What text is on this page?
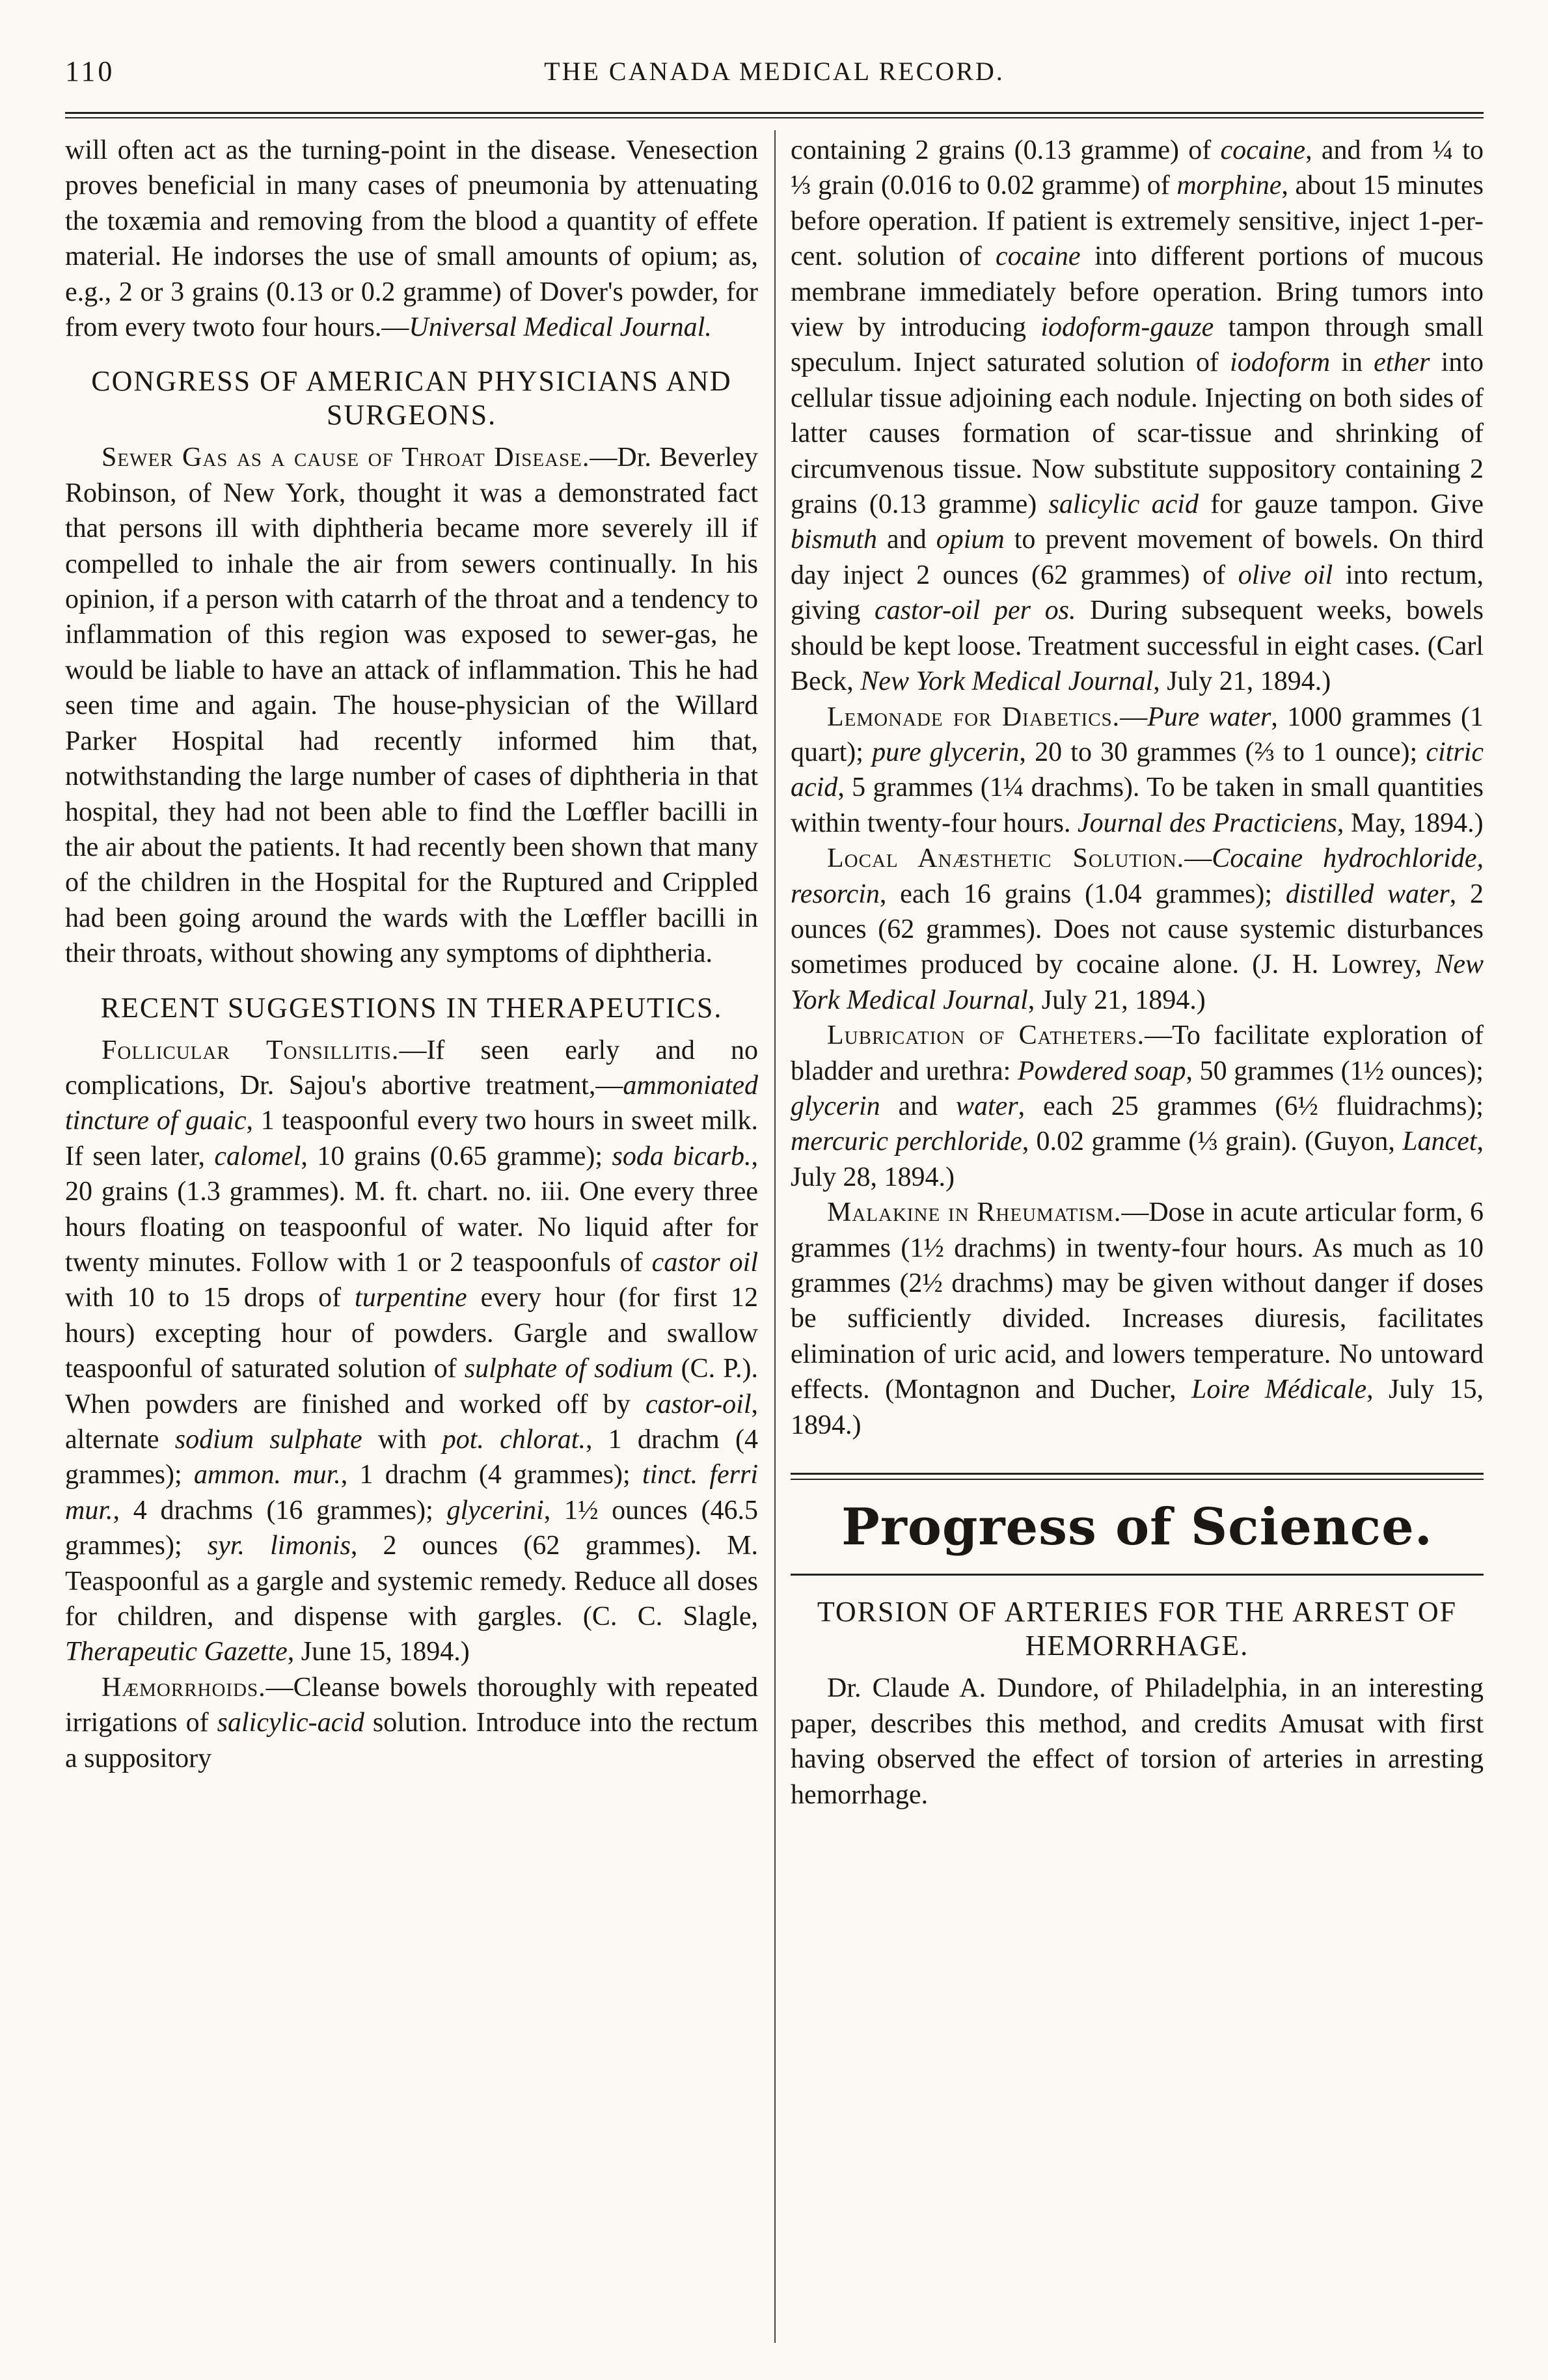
110	THE CANADA MEDICAL RECORD.

will often act as the turning-point in the disease. Venesection proves beneficial in many cases of pneumonia by attenuating the toxæmia and removing from the blood a quantity of effete material. He indorses the use of small amounts of opium; as, e.g., 2 or 3 grains (0.13 or 0.2 gramme) of Dover's powder, for from every twoto four hours.—Universal Medical Journal.

CONGRESS OF AMERICAN PHYSICIANS AND SURGEONS.

Sewer Gas as a cause of Throat Disease.—Dr. Beverley Robinson, of New York, thought it was a demonstrated fact that persons ill with diphtheria became more severely ill if compelled to inhale the air from sewers continually. In his opinion, if a person with catarrh of the throat and a tendency to inflammation of this region was exposed to sewer-gas, he would be liable to have an attack of inflammation. This he had seen time and again. The house-physician of the Willard Parker Hospital had recently informed him that, notwithstanding the large number of cases of diphtheria in that hospital, they had not been able to find the Lœffler bacilli in the air about the patients. It had recently been shown that many of the children in the Hospital for the Ruptured and Crippled had been going around the wards with the Lœffler bacilli in their throats, without showing any symptoms of diphtheria.

RECENT SUGGESTIONS IN THERAPEUTICS.

Follicular Tonsillitis.—If seen early and no complications, Dr. Sajou's abortive treatment,—ammoniated tincture of guaic, 1 teaspoonful every two hours in sweet milk. If seen later, calomel, 10 grains (0.65 gramme); soda bicarb., 20 grains (1.3 grammes). M. ft. chart. no. iii. One every three hours floating on teaspoonful of water. No liquid after for twenty minutes. Follow with 1 or 2 teaspoonfuls of castor oil with 10 to 15 drops of turpentine every hour (for first 12 hours) excepting hour of powders. Gargle and swallow teaspoonful of saturated solution of sulphate of sodium (C. P.). When powders are finished and worked off by castor-oil, alternate sodium sulphate with pot. chlorat., 1 drachm (4 grammes); ammon. mur., 1 drachm (4 grammes); tinct. ferri mur., 4 drachms (16 grammes); glycerini, 1½ ounces (46.5 grammes); syr. limonis, 2 ounces (62 grammes). M. Teaspoonful as a gargle and systemic remedy. Reduce all doses for children, and dispense with gargles. (C. C. Slagle, Therapeutic Gazette, June 15, 1894.)

Hæmorrhoids.—Cleanse bowels thoroughly with repeated irrigations of salicylic-acid solution. Introduce into the rectum a suppository

containing 2 grains (0.13 gramme) of cocaine, and from ¼ to ⅓ grain (0.016 to 0.02 gramme) of morphine, about 15 minutes before operation. If patient is extremely sensitive, inject 1-per-cent. solution of cocaine into different portions of mucous membrane immediately before operation. Bring tumors into view by introducing iodoform-gauze tampon through small speculum. Inject saturated solution of iodoform in ether into cellular tissue adjoining each nodule. Injecting on both sides of latter causes formation of scar-tissue and shrinking of circumvenous tissue. Now substitute suppository containing 2 grains (0.13 gramme) salicylic acid for gauze tampon. Give bismuth and opium to prevent movement of bowels. On third day inject 2 ounces (62 grammes) of olive oil into rectum, giving castor-oil per os. During subsequent weeks, bowels should be kept loose. Treatment successful in eight cases. (Carl Beck, New York Medical Journal, July 21, 1894.)

Lemonade for Diabetics.—Pure water, 1000 grammes (1 quart); pure glycerin, 20 to 30 grammes (⅔ to 1 ounce); citric acid, 5 grammes (1¼ drachms). To be taken in small quantities within twenty-four hours. Journal des Practiciens, May, 1894.)

Local Anæsthetic Solution.—Cocaine hydrochloride, resorcin, each 16 grains (1.04 grammes); distilled water, 2 ounces (62 grammes). Does not cause systemic disturbances sometimes produced by cocaine alone. (J. H. Lowrey, New York Medical Journal, July 21, 1894.)

Lubrication of Catheters.—To facilitate exploration of bladder and urethra: Powdered soap, 50 grammes (1½ ounces); glycerin and water, each 25 grammes (6½ fluidrachms); mercuric perchloride, 0.02 gramme (⅓ grain). (Guyon, Lancet, July 28, 1894.)

Malakine in Rheumatism.—Dose in acute articular form, 6 grammes (1½ drachms) in twenty-four hours. As much as 10 grammes (2½ drachms) may be given without danger if doses be sufficiently divided. Increases diuresis, facilitates elimination of uric acid, and lowers temperature. No untoward effects. (Montagnon and Ducher, Loire Médicale, July 15, 1894.)

Progress of Science.
TORSION OF ARTERIES FOR THE ARREST OF HEMORRHAGE.

Dr. Claude A. Dundore, of Philadelphia, in an interesting paper, describes this method, and credits Amusat with first having observed the effect of torsion of arteries in arresting hemorrhage.
